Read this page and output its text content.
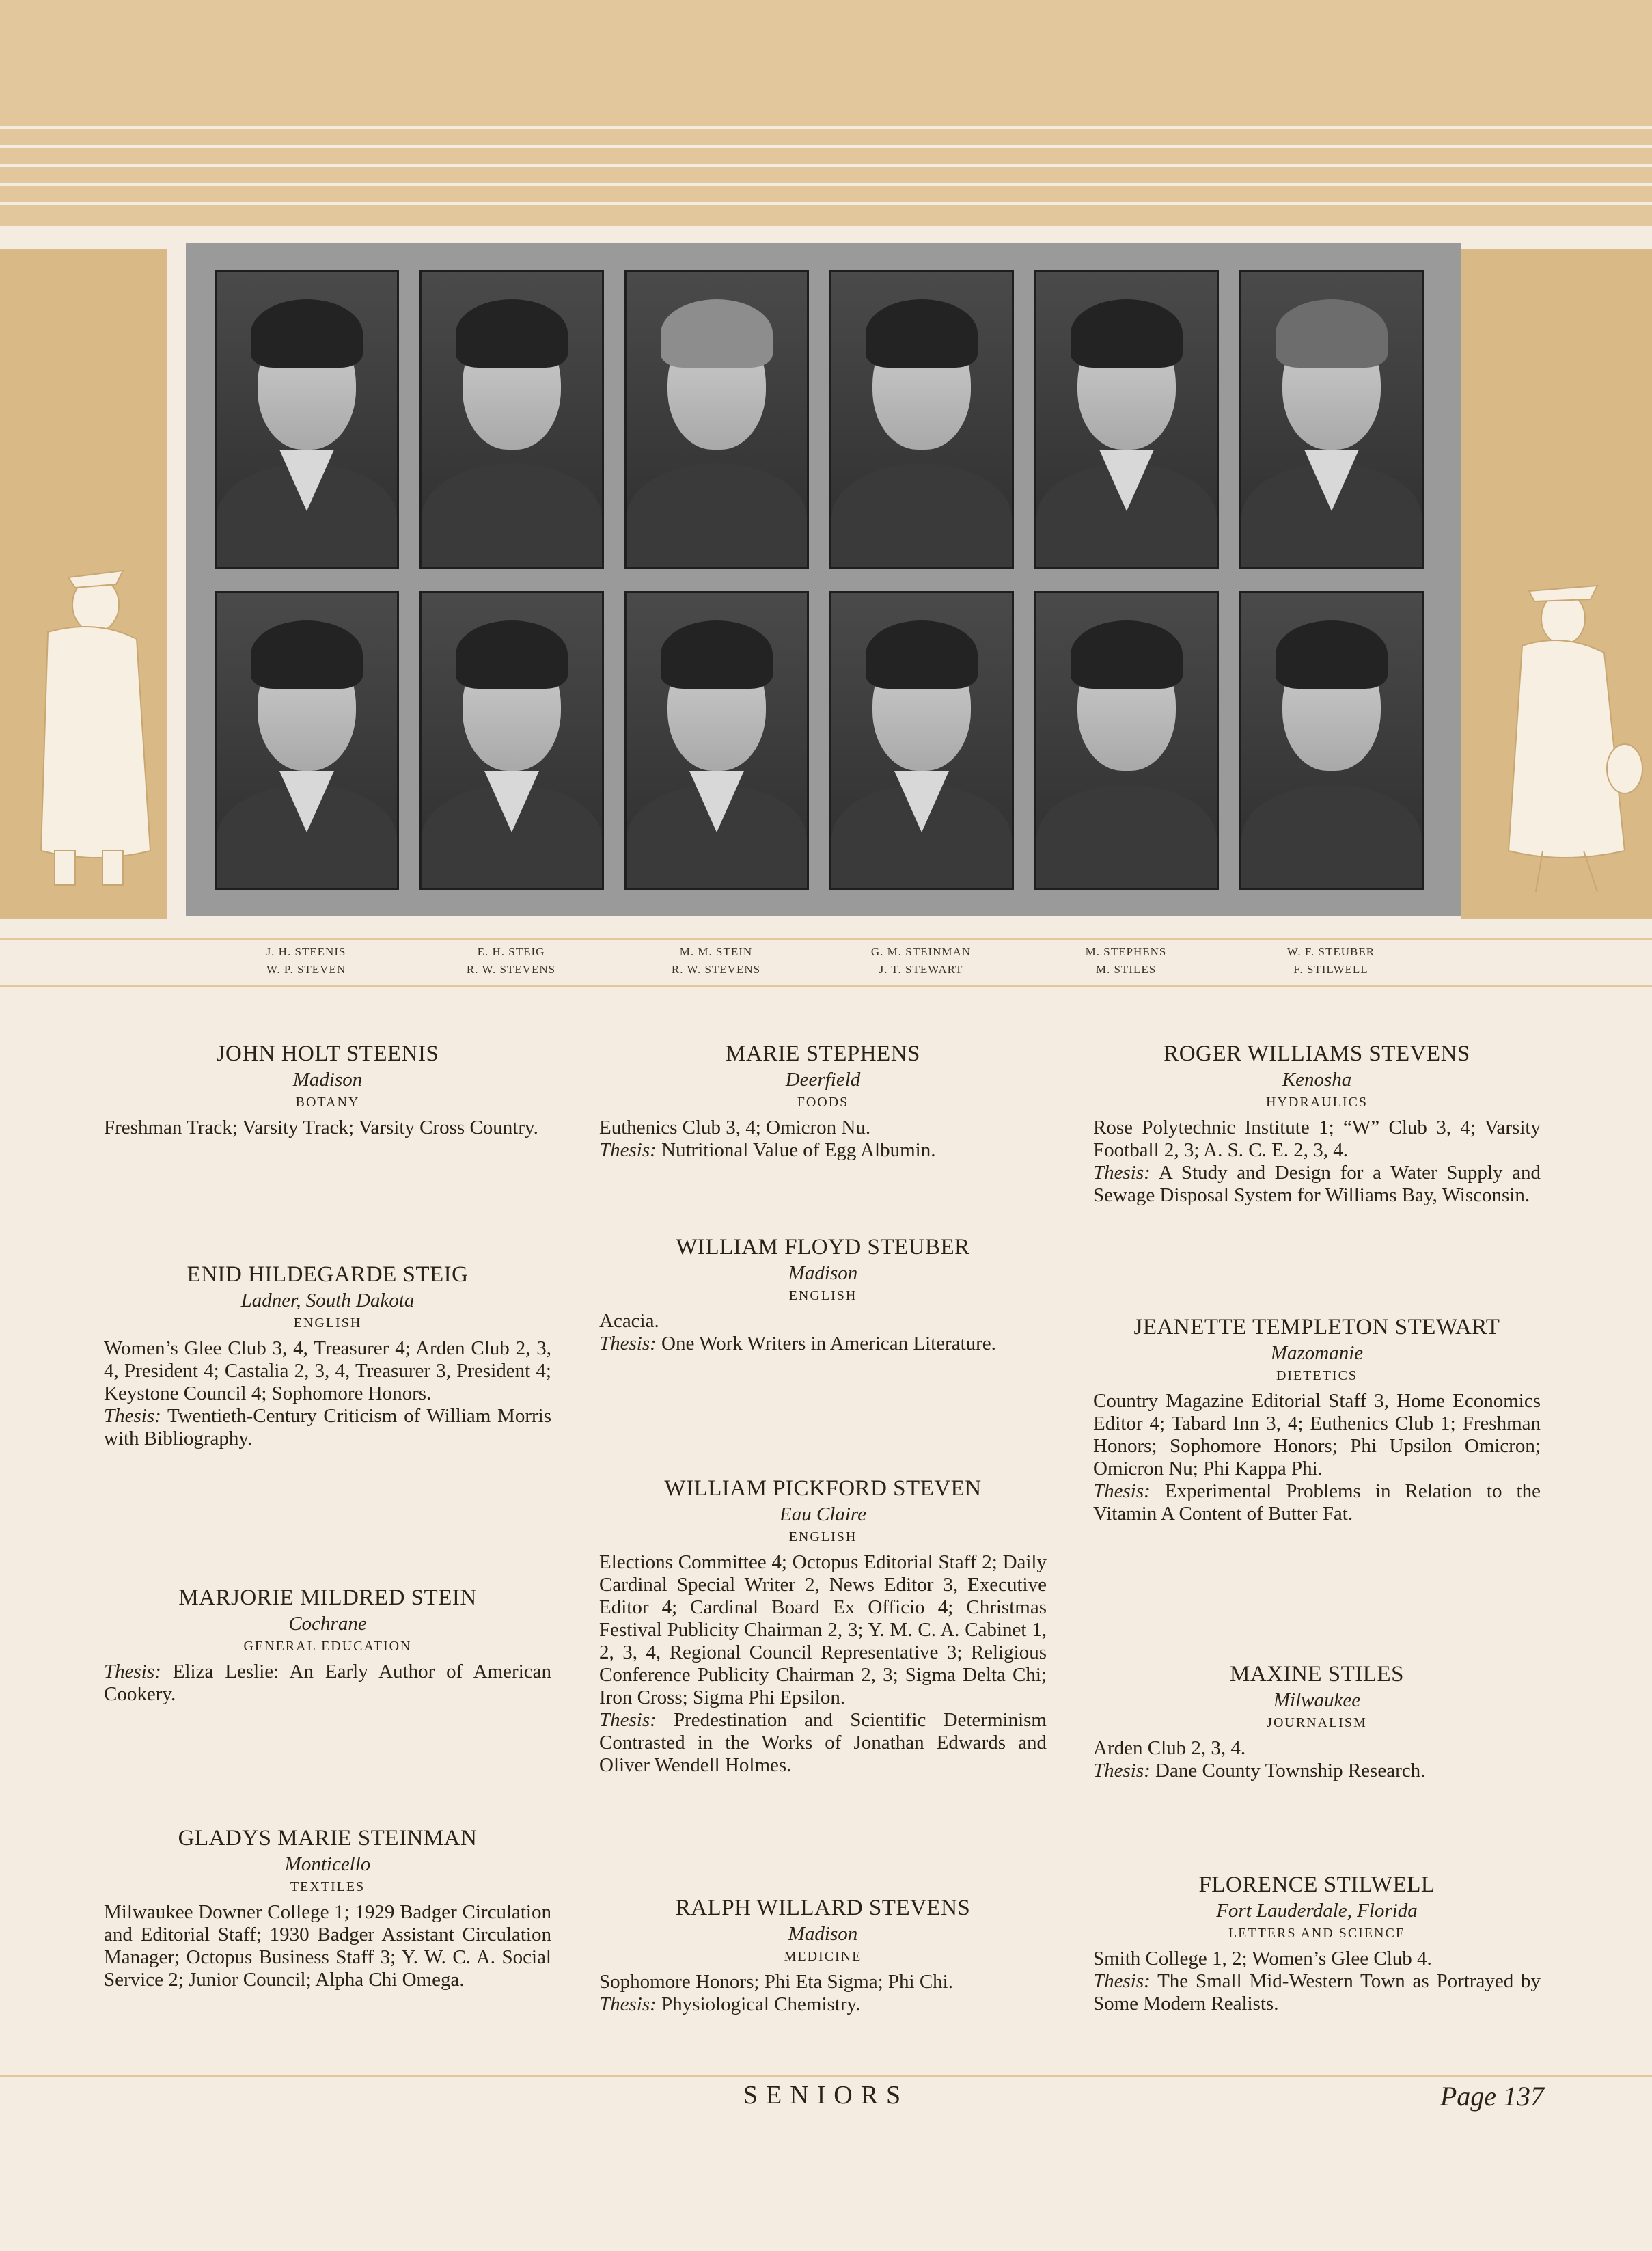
J. H. STEENIS
W. P. STEVEN
E. H. STEIG
R. W. STEVENS
M. M. STEIN
R. W. STEVENS
G. M. STEINMAN
J. T. STEWART
M. STEPHENS
M. STILES
W. F. STEUBER
F. STILWELL
JOHN HOLT STEENIS
Madison
BOTANY
Freshman Track; Varsity Track; Varsity Cross Country.
ENID HILDEGARDE STEIG
Ladner, South Dakota
ENGLISH
Women’s Glee Club 3, 4, Treasurer 4; Arden Club 2, 3, 4, President 4; Castalia 2, 3, 4, Treasurer 3, President 4; Keystone Council 4; Sophomore Honors.
Thesis: Twentieth-Century Criticism of William Morris with Bibliography.
MARJORIE MILDRED STEIN
Cochrane
GENERAL EDUCATION
Thesis: Eliza Leslie: An Early Author of American Cookery.
GLADYS MARIE STEINMAN
Monticello
TEXTILES
Milwaukee Downer College 1; 1929 Badger Circulation and Editorial Staff; 1930 Badger Assistant Circulation Manager; Octopus Business Staff 3; Y. W. C. A. Social Service 2; Junior Council; Alpha Chi Omega.
MARIE STEPHENS
Deerfield
FOODS
Euthenics Club 3, 4; Omicron Nu.
Thesis: Nutritional Value of Egg Albumin.
WILLIAM FLOYD STEUBER
Madison
ENGLISH
Acacia.
Thesis: One Work Writers in American Literature.
WILLIAM PICKFORD STEVEN
Eau Claire
ENGLISH
Elections Committee 4; Octopus Editorial Staff 2; Daily Cardinal Special Writer 2, News Editor 3, Executive Editor 4; Cardinal Board Ex Officio 4; Christmas Festival Publicity Chairman 2, 3; Y. M. C. A. Cabinet 1, 2, 3, 4, Regional Council Representative 3; Religious Conference Publicity Chairman 2, 3; Sigma Delta Chi; Iron Cross; Sigma Phi Epsilon.
Thesis: Predestination and Scientific Determinism Contrasted in the Works of Jonathan Edwards and Oliver Wendell Holmes.
RALPH WILLARD STEVENS
Madison
MEDICINE
Sophomore Honors; Phi Eta Sigma; Phi Chi.
Thesis: Physiological Chemistry.
ROGER WILLIAMS STEVENS
Kenosha
HYDRAULICS
Rose Polytechnic Institute 1; “W” Club 3, 4; Varsity Football 2, 3; A. S. C. E. 2, 3, 4.
Thesis: A Study and Design for a Water Supply and Sewage Disposal System for Williams Bay, Wisconsin.
JEANETTE TEMPLETON STEWART
Mazomanie
DIETETICS
Country Magazine Editorial Staff 3, Home Economics Editor 4; Tabard Inn 3, 4; Euthenics Club 1; Freshman Honors; Sophomore Honors; Phi Upsilon Omicron; Omicron Nu; Phi Kappa Phi.
Thesis: Experimental Problems in Relation to the Vitamin A Content of Butter Fat.
MAXINE STILES
Milwaukee
JOURNALISM
Arden Club 2, 3, 4.
Thesis: Dane County Township Research.
FLORENCE STILWELL
Fort Lauderdale, Florida
LETTERS AND SCIENCE
Smith College 1, 2; Women’s Glee Club 4.
Thesis: The Small Mid-Western Town as Portrayed by Some Modern Realists.
SENIORS	Page 137
